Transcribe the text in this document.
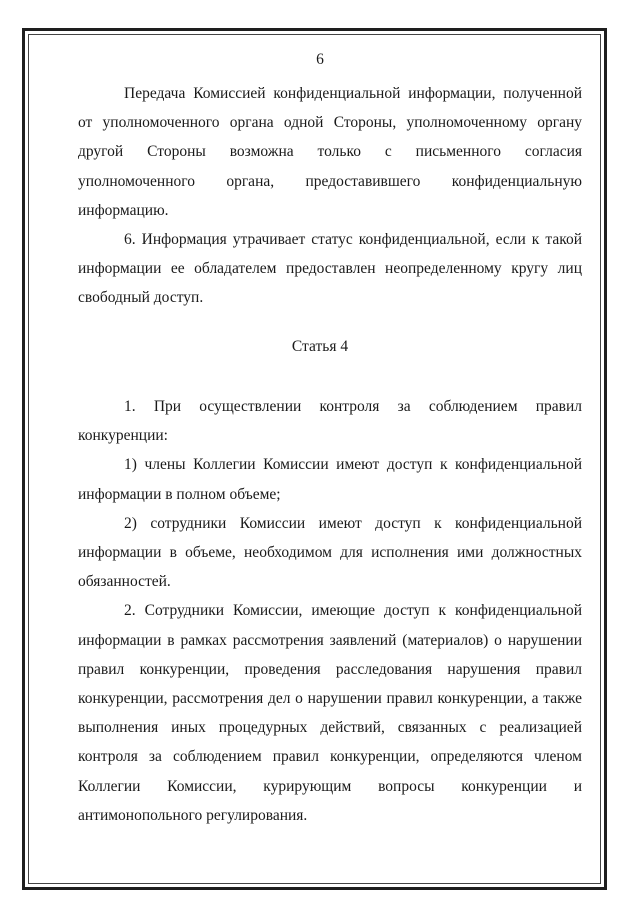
6

Передача Комиссией конфиденциальной информации, полученной от уполномоченного органа одной Стороны, уполномоченному органу другой Стороны возможна только с письменного согласия уполномоченного органа, предоставившего конфиденциальную информацию.

6. Информация утрачивает статус конфиденциальной, если к такой информации ее обладателем предоставлен неопределенному кругу лиц свободный доступ.

Статья 4

1. При осуществлении контроля за соблюдением правил конкуренции:

1) члены Коллегии Комиссии имеют доступ к конфиденциальной информации в полном объеме;

2) сотрудники Комиссии имеют доступ к конфиденциальной информации в объеме, необходимом для исполнения ими должностных обязанностей.

2. Сотрудники Комиссии, имеющие доступ к конфиденциальной информации в рамках рассмотрения заявлений (материалов) о нарушении правил конкуренции, проведения расследования нарушения правил конкуренции, рассмотрения дел о нарушении правил конкуренции, а также выполнения иных процедурных действий, связанных с реализацией контроля за соблюдением правил конкуренции, определяются членом Коллегии Комиссии, курирующим вопросы конкуренции и антимонопольного регулирования.
